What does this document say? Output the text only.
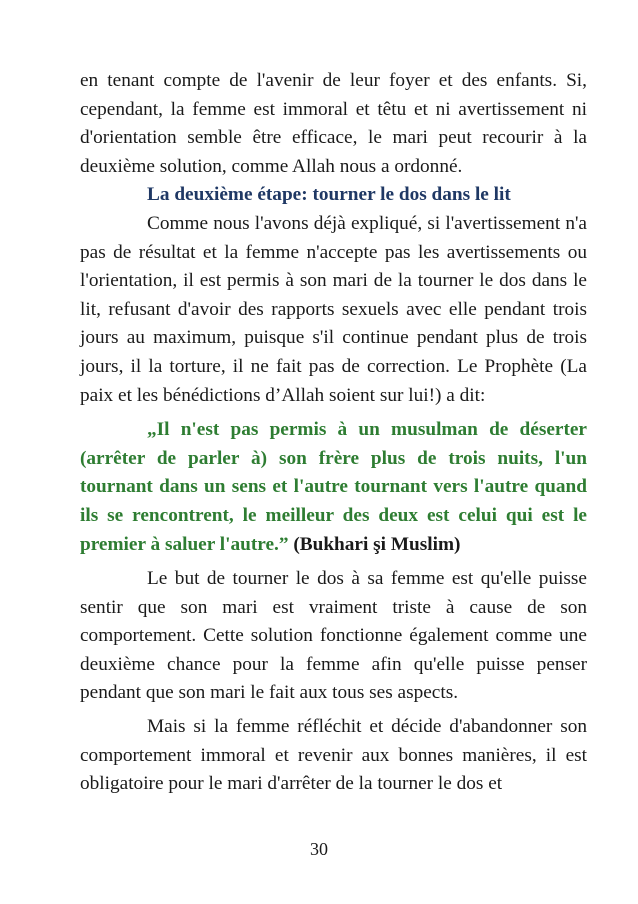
en tenant compte de l'avenir de leur foyer et des enfants. Si, cependant, la femme est immoral et têtu et ni avertissement ni d'orientation semble être efficace, le mari peut recourir à la deuxième solution, comme Allah nous a ordonné.

La deuxième étape: tourner le dos dans le lit

Comme nous l'avons déjà expliqué, si l'avertissement n'a pas de résultat et la femme n'accepte pas les avertissements ou l'orientation, il est permis à son mari de la tourner le dos dans le lit, refusant d'avoir des rapports sexuels avec elle pendant trois jours au maximum, puisque s'il continue pendant plus de trois jours, il la torture, il ne fait pas de correction. Le Prophète (La paix et les bénédictions d’Allah soient sur lui!) a dit:

„Il n'est pas permis à un musulman de déserter (arrêter de parler à) son frère plus de trois nuits, l'un tournant dans un sens et l'autre tournant vers l'autre quand ils se rencontrent, le meilleur des deux est celui qui est le premier à saluer l'autre.” (Bukhari şi Muslim)

Le but de tourner le dos à sa femme est qu'elle puisse sentir que son mari est vraiment triste à cause de son comportement. Cette solution fonctionne également comme une deuxième chance pour la femme afin qu'elle puisse penser pendant que son mari le fait aux tous ses aspects.

Mais si la femme réfléchit et décide d'abandonner son comportement immoral et revenir aux bonnes manières, il est obligatoire pour le mari d'arrêter de la tourner le dos et

30
